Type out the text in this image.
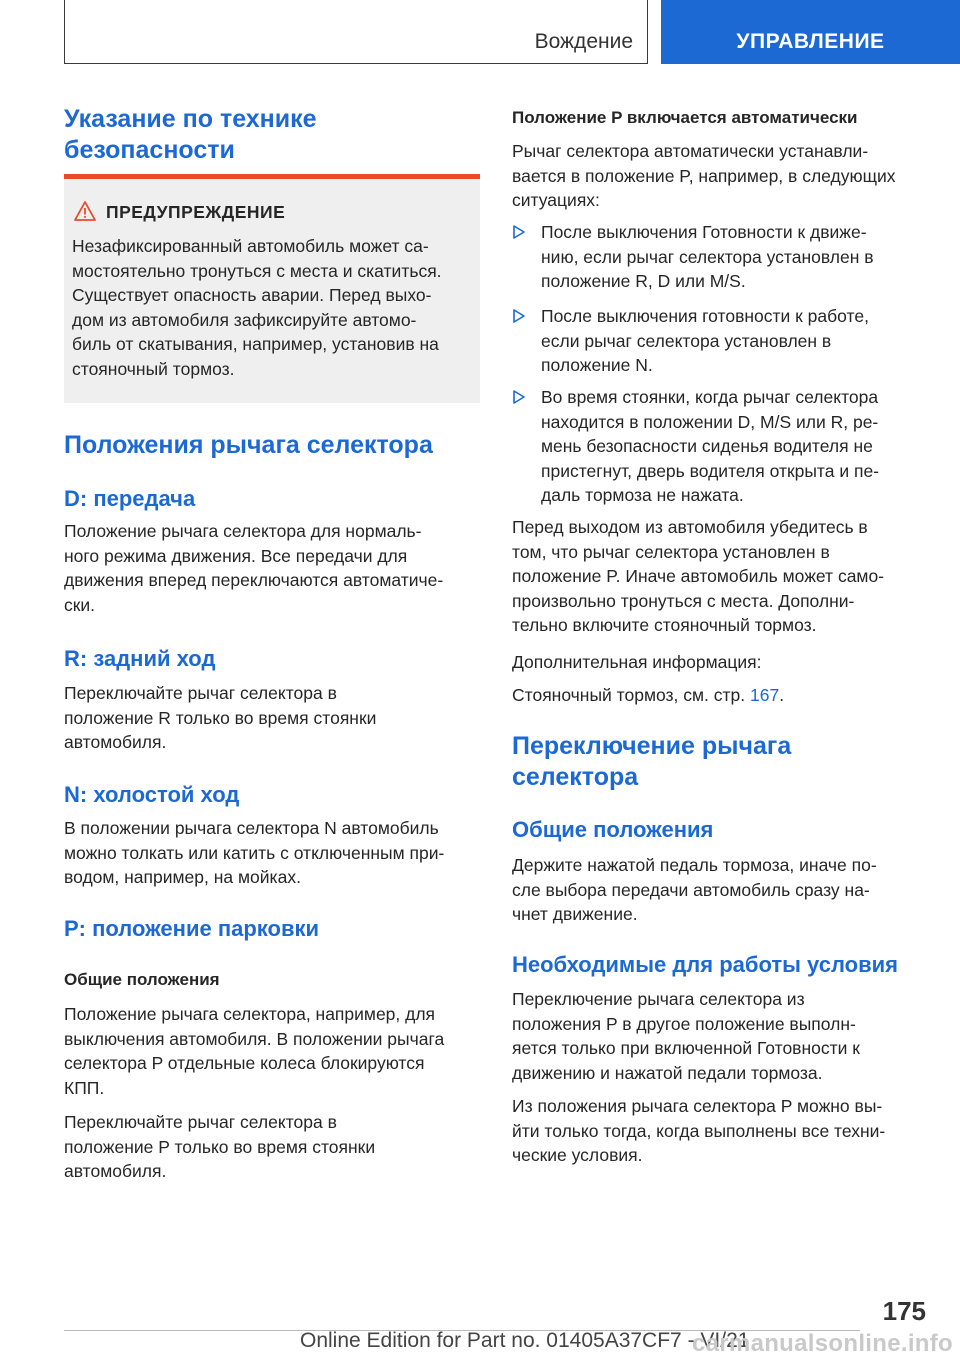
Вождение	УПРАВЛЕНИЕ
Указание по технике
безопасности
ПРЕДУПРЕЖДЕНИЕ
Незафиксированный автомобиль может са-
мостоятельно тронуться с места и скатиться.
Существует опасность аварии. Перед выхо-
дом из автомобиля зафиксируйте автомо-
биль от скатывания, например, установив на
стояночный тормоз.
Положения рычага селектора
D: передача
Положение рычага селектора для нормаль-
ного режима движения. Все передачи для
движения вперед переключаются автоматиче-
ски.
R: задний ход
Переключайте рычаг селектора в
положение R только во время стоянки
автомобиля.
N: холостой ход
В положении рычага селектора N автомобиль
можно толкать или катить с отключенным при-
водом, например, на мойках.
P: положение парковки
Общие положения
Положение рычага селектора, например, для
выключения автомобиля. В положении рычага
селектора P отдельные колеса блокируются
КПП.
Переключайте рычаг селектора в
положение P только во время стоянки
автомобиля.
Положение P включается автоматически
Рычаг селектора автоматически устанавли-
вается в положение P, например, в следующих
ситуациях:
После выключения Готовности к движе-
нию, если рычаг селектора установлен в
положение R, D или M/S.
После выключения готовности к работе,
если рычаг селектора установлен в
положение N.
Во время стоянки, когда рычаг селектора
находится в положении D, M/S или R, ре-
мень безопасности сиденья водителя не
пристегнут, дверь водителя открыта и пе-
даль тормоза не нажата.
Перед выходом из автомобиля убедитесь в
том, что рычаг селектора установлен в
положение P. Иначе автомобиль может само-
произвольно тронуться с места. Дополни-
тельно включите стояночный тормоз.
Дополнительная информация:
Стояночный тормоз, см. стр. 167.
Переключение рычага
селектора
Общие положения
Держите нажатой педаль тормоза, иначе по-
сле выбора передачи автомобиль сразу на-
чнет движение.
Необходимые для работы условия
Переключение рычага селектора из
положения P в другое положение выполн-
яется только при включенной Готовности к
движению и нажатой педали тормоза.
Из положения рычага селектора P можно вы-
йти только тогда, когда выполнены все техни-
ческие условия.
175
Online Edition for Part no. 01405A37CF7 - VI/21
carmanualsonline.info
